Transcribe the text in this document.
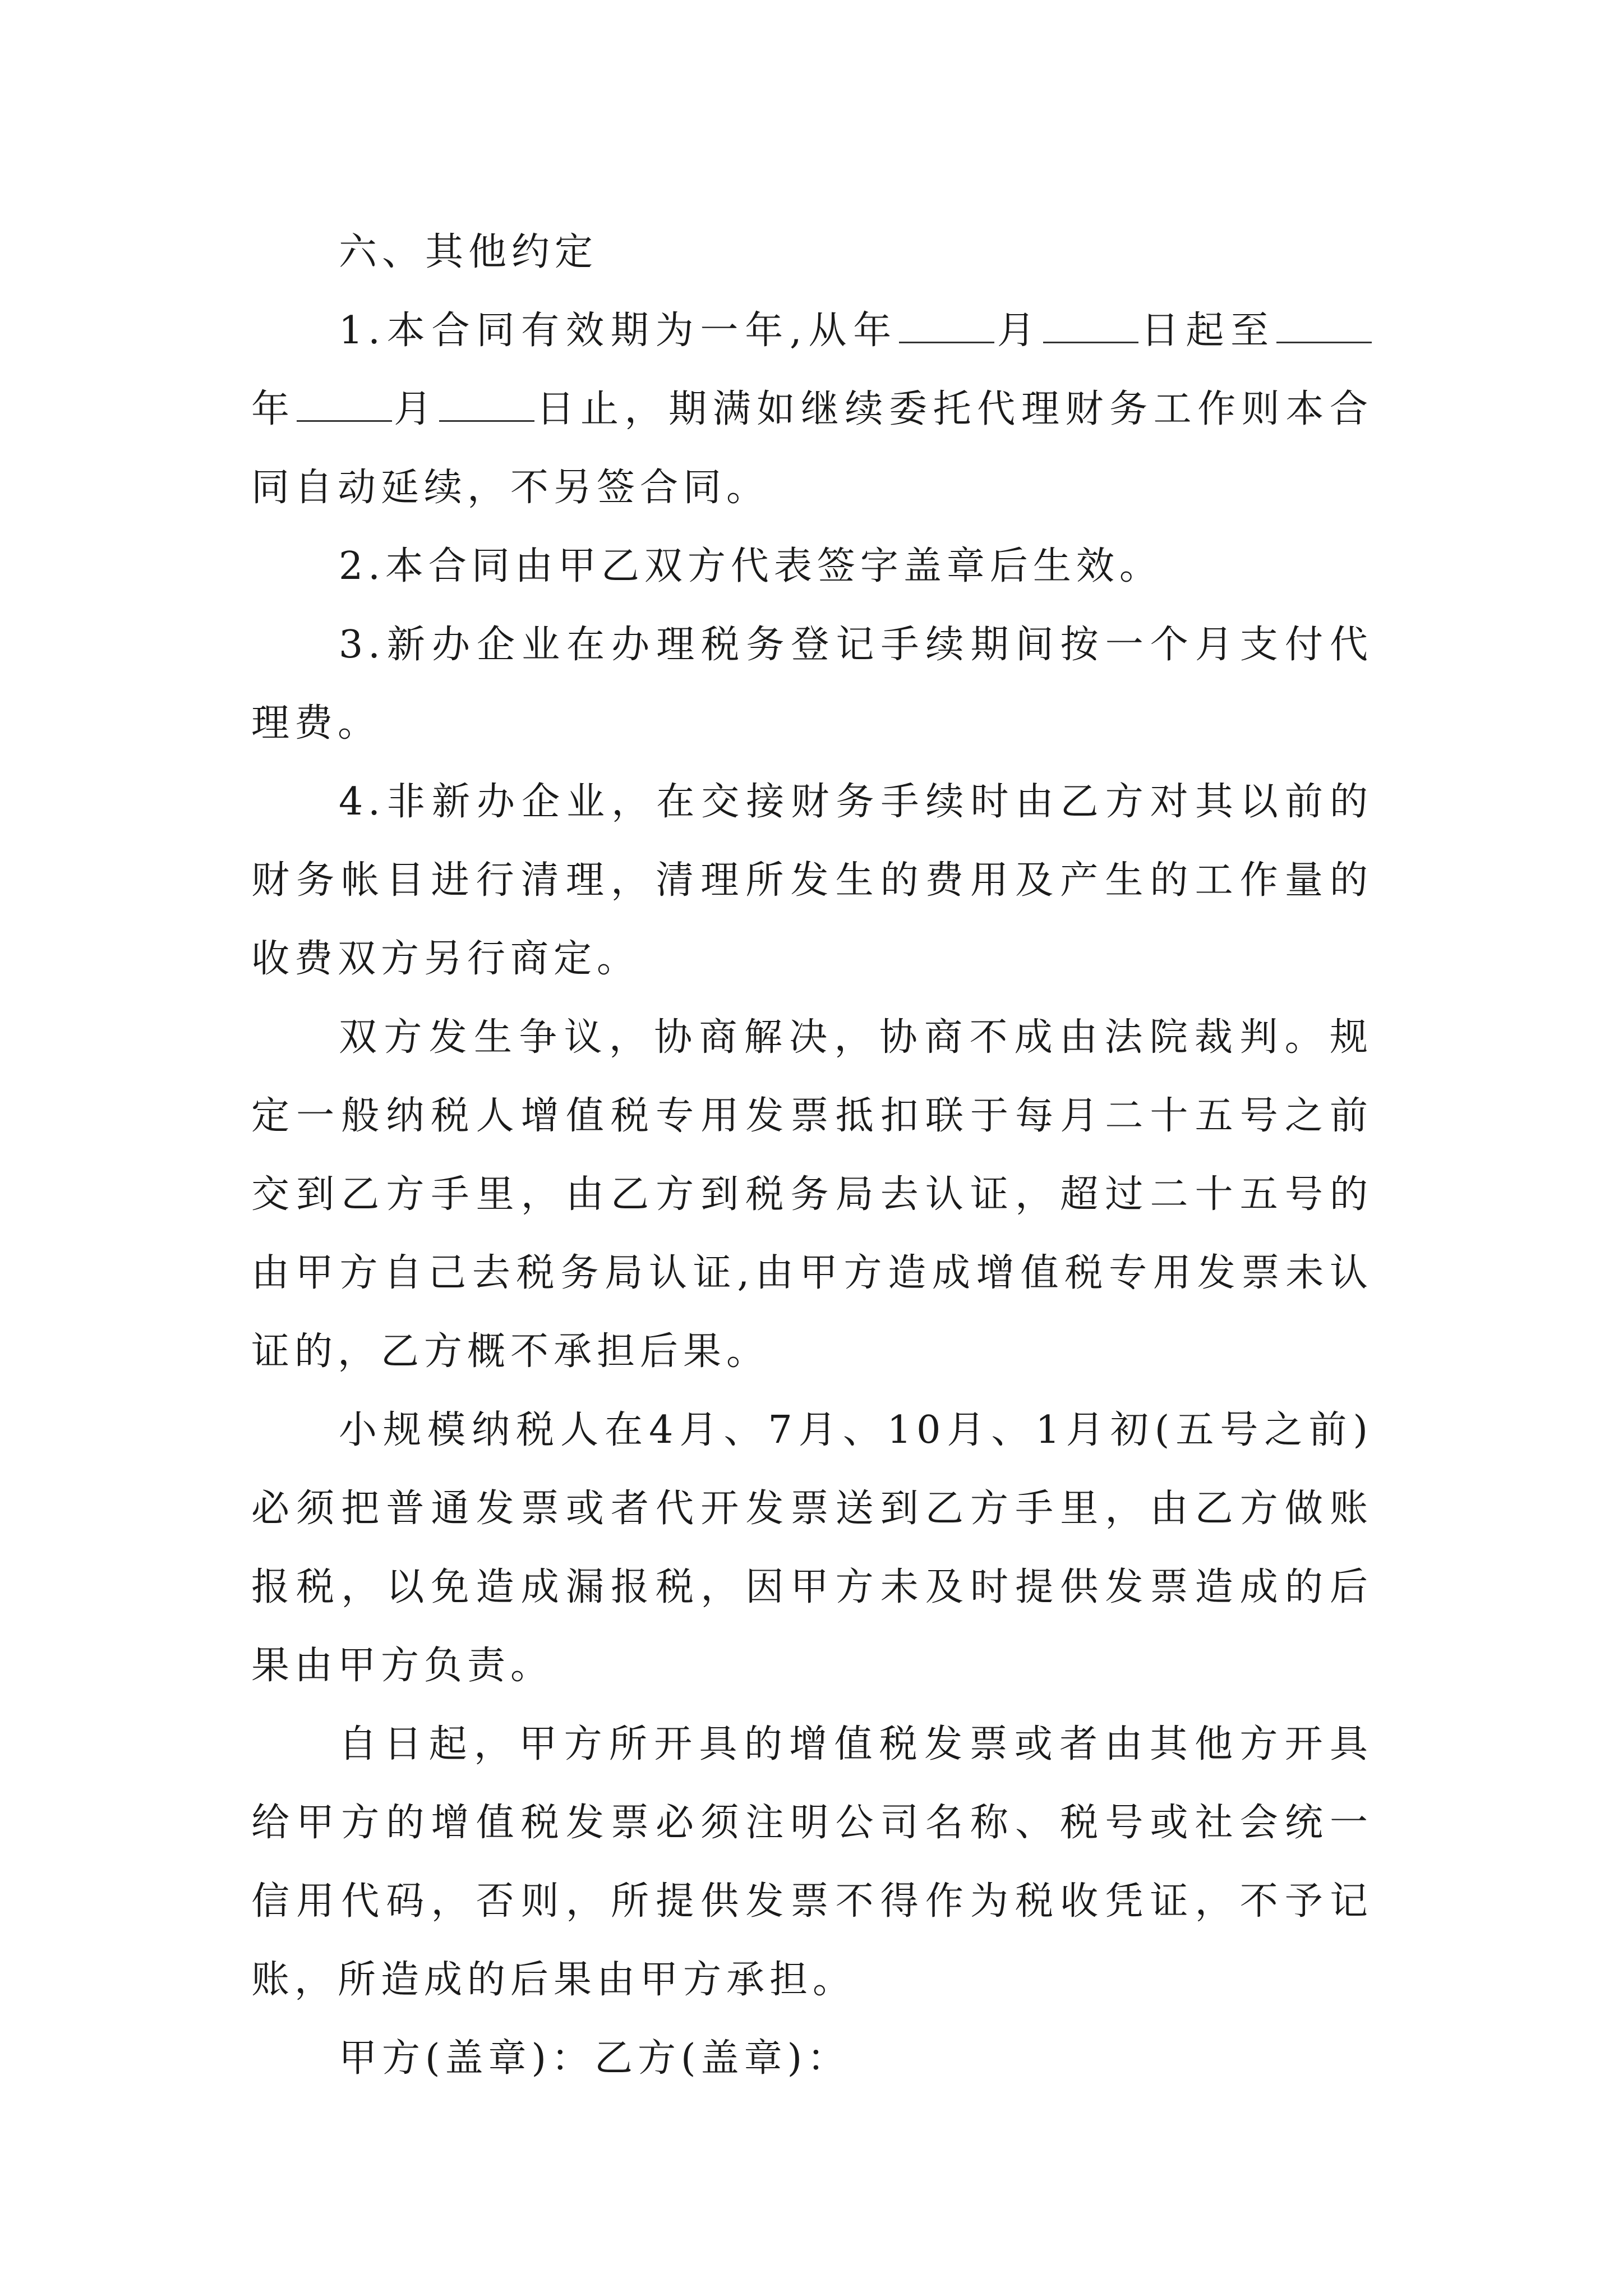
六、其他约定

1.本合同有效期为一年,从年	月	日起至年	月	日止，期满如继续委托代理财务工作则本合同自动延续，不另签合同。

2.本合同由甲乙双方代表签字盖章后生效。

3.新办企业在办理税务登记手续期间按一个月支付代理费。

4.非新办企业，在交接财务手续时由乙方对其以前的财务帐目进行清理，清理所发生的费用及产生的工作量的收费双方另行商定。

双方发生争议，协商解决，协商不成由法院裁判。规定一般纳税人增值税专用发票抵扣联于每月二十五号之前交到乙方手里，由乙方到税务局去认证，超过二十五号的由甲方自己去税务局认证,由甲方造成增值税专用发票未认证的，乙方概不承担后果。

小规模纳税人在4月、7月、10月、1月初(五号之前)必须把普通发票或者代开发票送到乙方手里，由乙方做账报税，以免造成漏报税，因甲方未及时提供发票造成的后果由甲方负责。

自日起，甲方所开具的增值税发票或者由其他方开具给甲方的增值税发票必须注明公司名称、税号或社会统一信用代码，否则，所提供发票不得作为税收凭证，不予记账，所造成的后果由甲方承担。

甲方(盖章)：乙方(盖章)：
